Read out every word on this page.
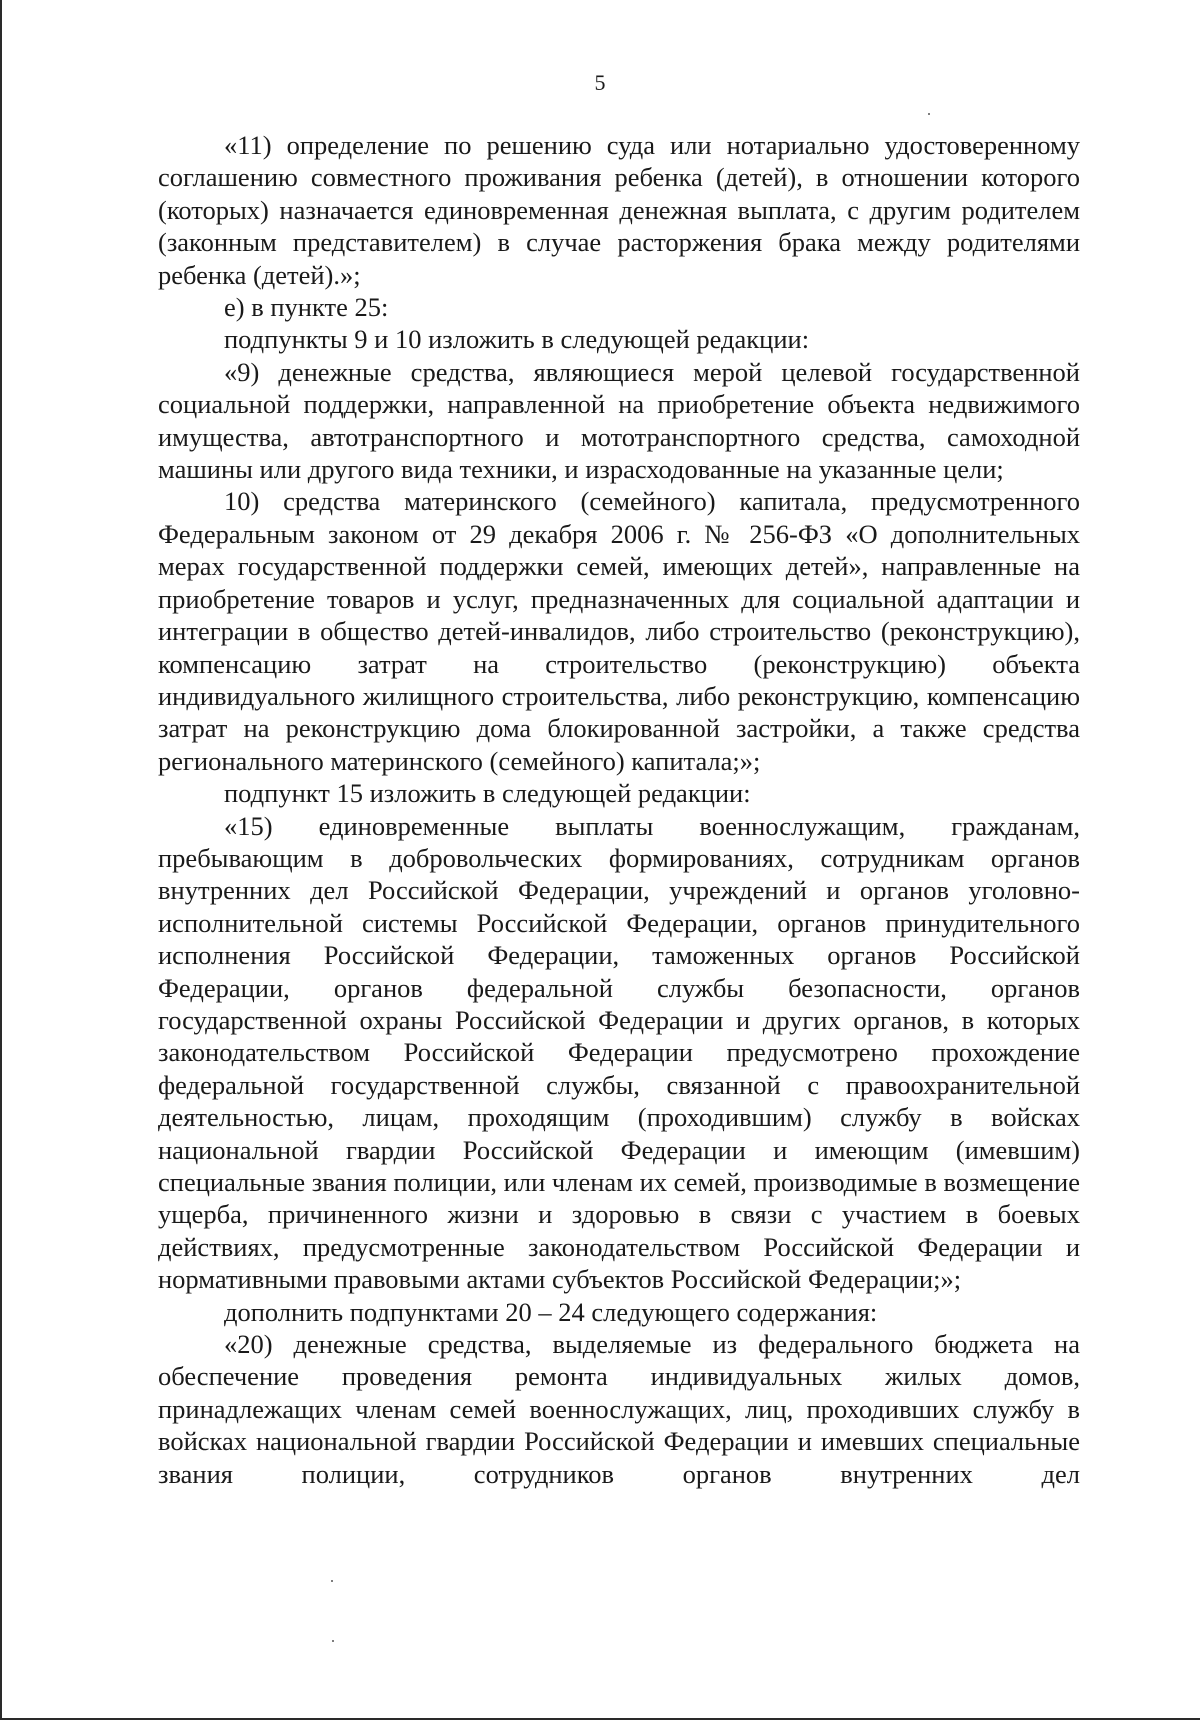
5

«11) определение по решению суда или нотариально удостоверенному соглашению совместного проживания ребенка (детей), в отношении которого (которых) назначается единовременная денежная выплата, с другим родителем (законным представителем) в случае расторжения брака между родителями ребенка (детей).»;

е) в пункте 25:

подпункты 9 и 10 изложить в следующей редакции:

«9) денежные средства, являющиеся мерой целевой государственной социальной поддержки, направленной на приобретение объекта недвижимого имущества, автотранспортного и мототранспортного средства, самоходной машины или другого вида техники, и израсходованные на указанные цели;

10) средства материнского (семейного) капитала, предусмотренного Федеральным законом от 29 декабря 2006 г. № 256-ФЗ «О дополнительных мерах государственной поддержки семей, имеющих детей», направленные на приобретение товаров и услуг, предназначенных для социальной адаптации и интеграции в общество детей-инвалидов, либо строительство (реконструкцию), компенсацию затрат на строительство (реконструкцию) объекта индивидуального жилищного строительства, либо реконструкцию, компенсацию затрат на реконструкцию дома блокированной застройки, а также средства регионального материнского (семейного) капитала;»;

подпункт 15 изложить в следующей редакции:

«15) единовременные выплаты военнослужащим, гражданам, пребывающим в добровольческих формированиях, сотрудникам органов внутренних дел Российской Федерации, учреждений и органов уголовно-исполнительной системы Российской Федерации, органов принудительного исполнения Российской Федерации, таможенных органов Российской Федерации, органов федеральной службы безопасности, органов государственной охраны Российской Федерации и других органов, в которых законодательством Российской Федерации предусмотрено прохождение федеральной государственной службы, связанной с правоохранительной деятельностью, лицам, проходящим (проходившим) службу в войсках национальной гвардии Российской Федерации и имеющим (имевшим) специальные звания полиции, или членам их семей, производимые в возмещение ущерба, причиненного жизни и здоровью в связи с участием в боевых действиях, предусмотренные законодательством Российской Федерации и нормативными правовыми актами субъектов Российской Федерации;»;

дополнить подпунктами 20 – 24 следующего содержания:

«20) денежные средства, выделяемые из федерального бюджета на обеспечение проведения ремонта индивидуальных жилых домов, принадлежащих членам семей военнослужащих, лиц, проходивших службу в войсках национальной гвардии Российской Федерации и имевших специальные звания полиции, сотрудников органов внутренних дел
